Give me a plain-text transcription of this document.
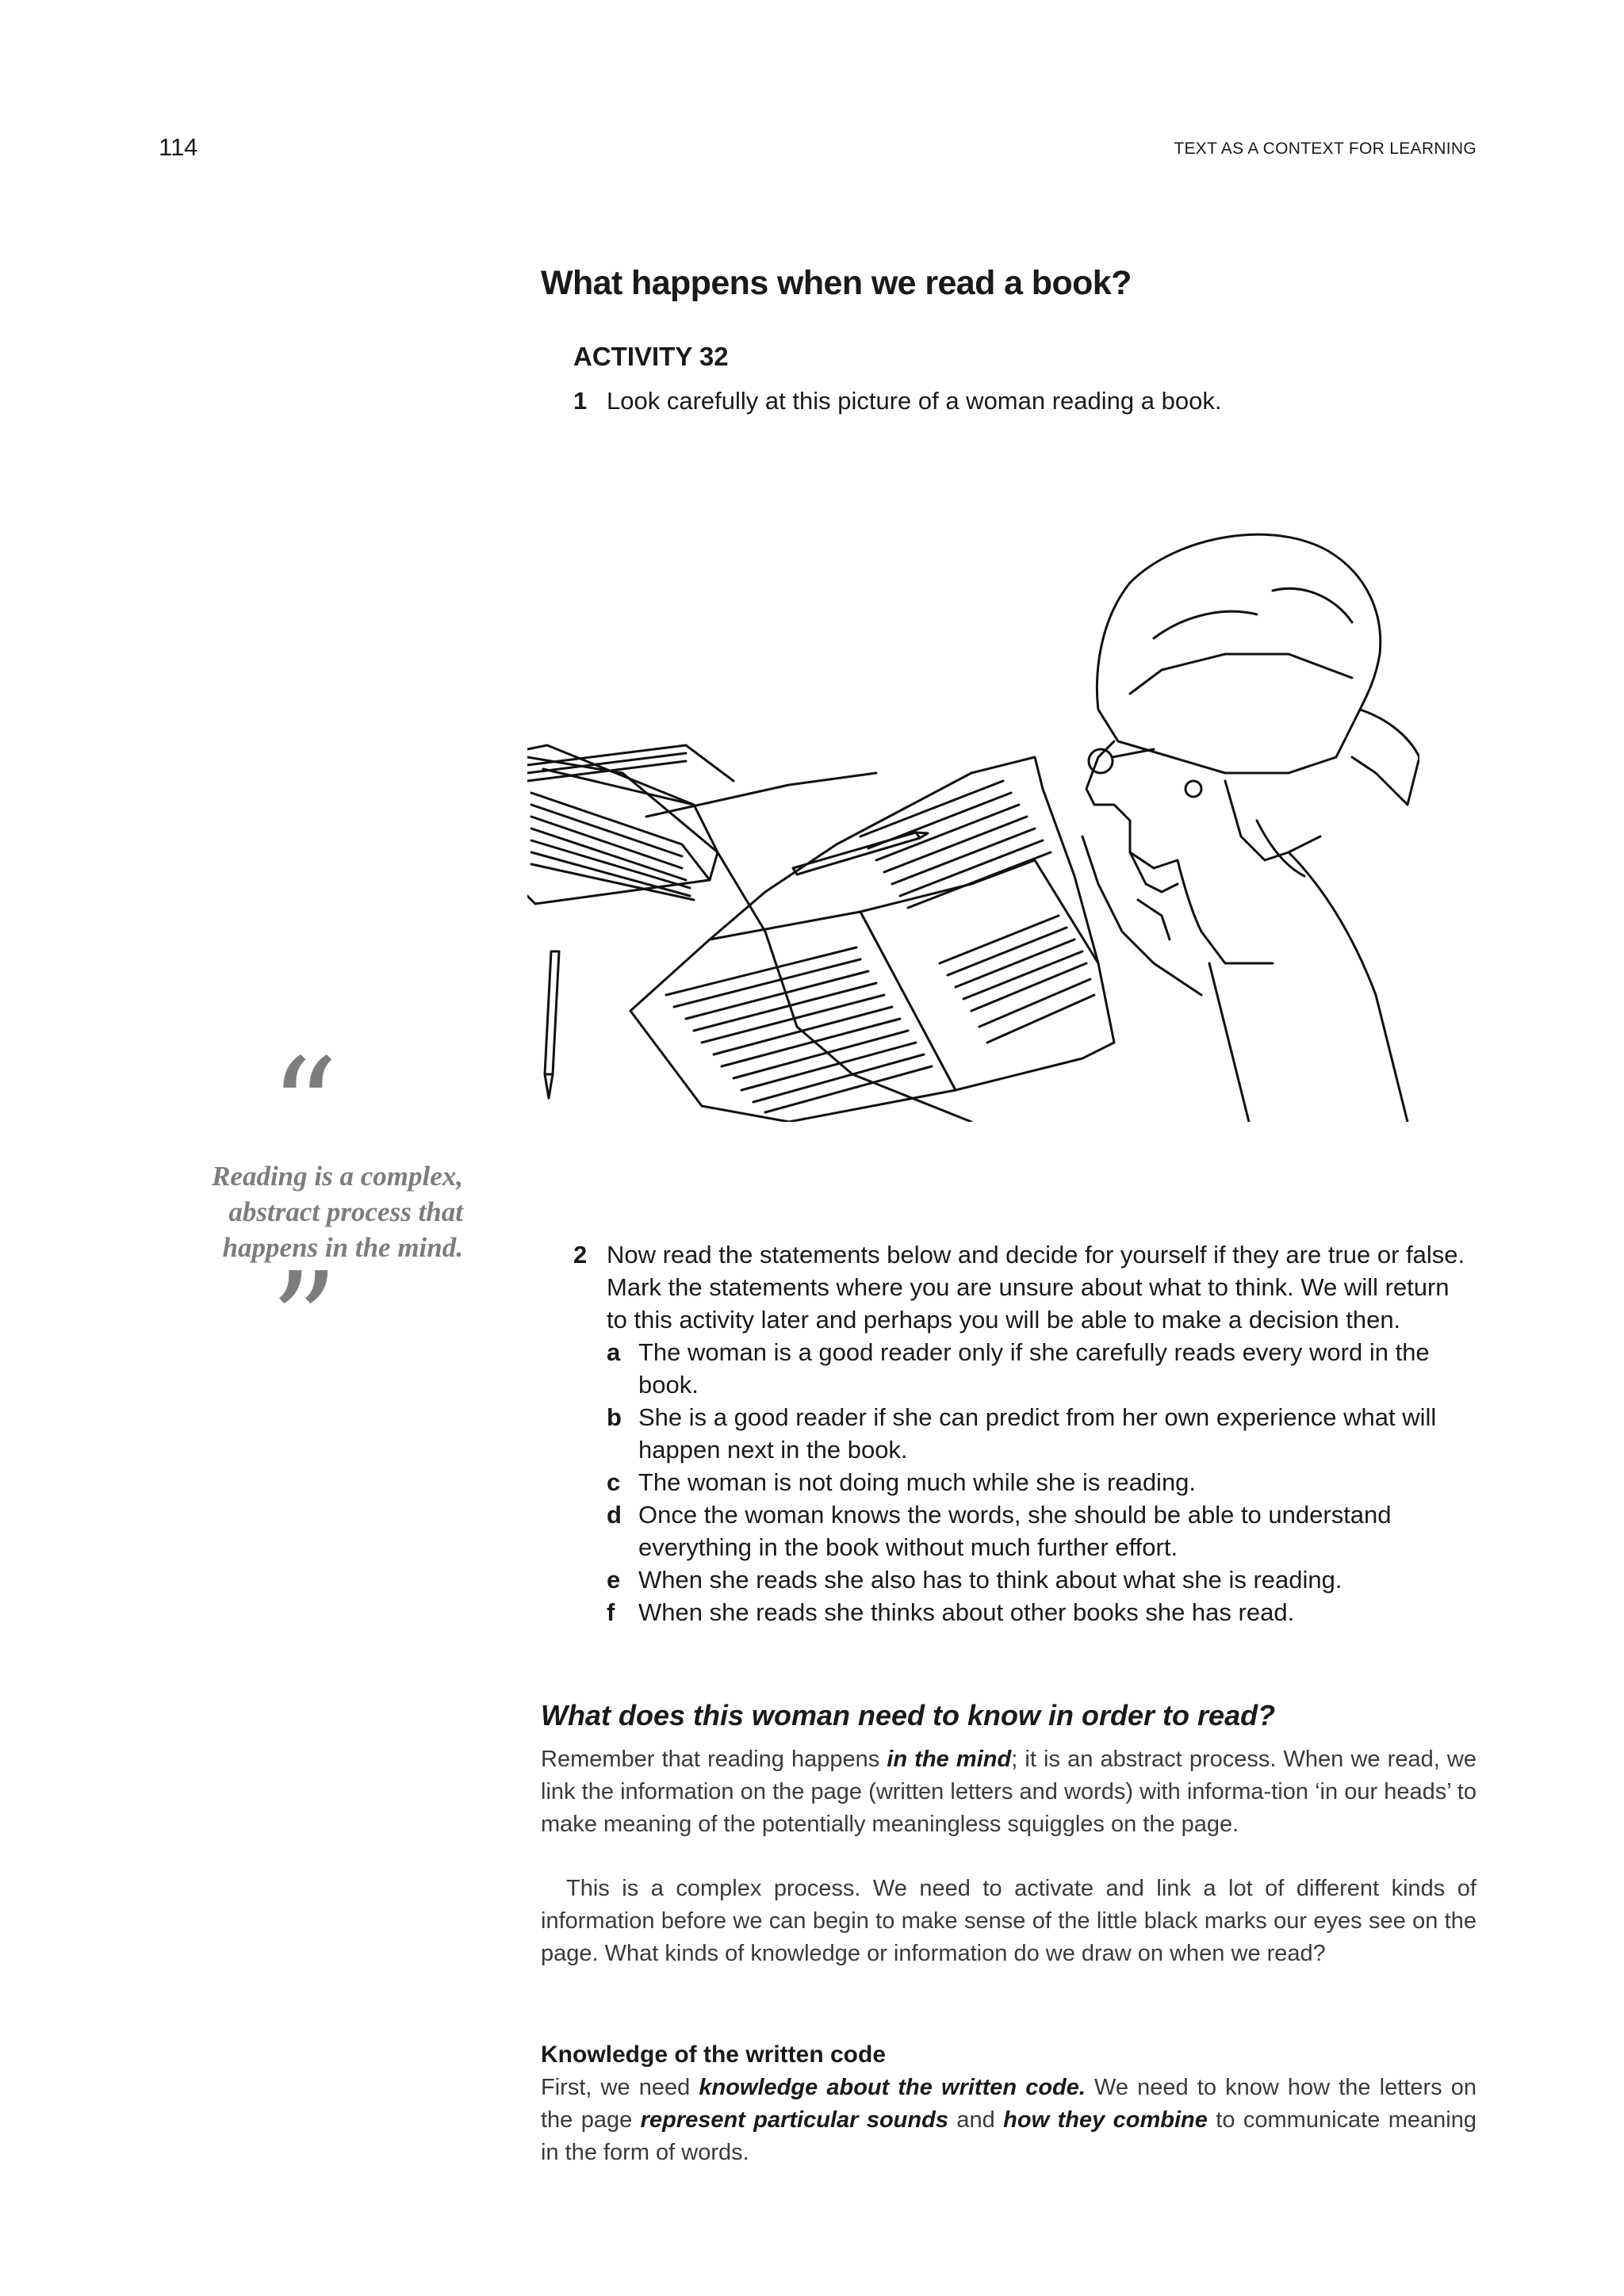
114	TEXT AS A CONTEXT FOR LEARNING
What happens when we read a book?
ACTIVITY 32
1 Look carefully at this picture of a woman reading a book.
“
Reading is a complex, abstract process that happens in the mind.
”	2 Now read the statements below and decide for yourself if they are true or false. Mark the statements where you are unsure about what to think. We will return to this activity later and perhaps you will be able to make a decision then.
a The woman is a good reader only if she carefully reads every word in the book.
b She is a good reader if she can predict from her own experience what will happen next in the book.
c The woman is not doing much while she is reading.
d Once the woman knows the words, she should be able to understand everything in the book without much further effort.
e When she reads she also has to think about what she is reading.
f When she reads she thinks about other books she has read.
What does this woman need to know in order to read?

Remember that reading happens in the mind; it is an abstract process. When we read, we link the information on the page (written letters and words) with informa-tion ‘in our heads’ to make meaning of the potentially meaningless squiggles on the page.

This is a complex process. We need to activate and link a lot of different kinds of information before we can begin to make sense of the little black marks our eyes see on the page. What kinds of knowledge or information do we draw on when we read?

Knowledge of the written code

First, we need knowledge about the written code. We need to know how the letters on the page represent particular sounds and how they combine to communicate meaning in the form of words.
